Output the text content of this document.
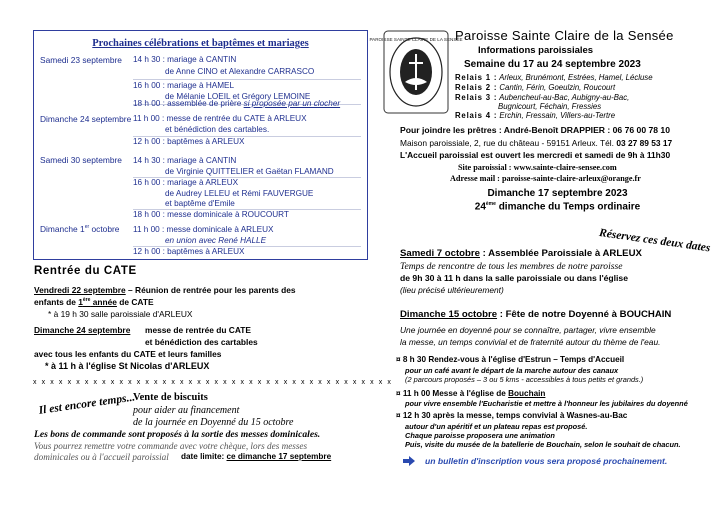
Prochaines célébrations et baptêmes et mariages
Samedi 23 septembre 14 h 30 : mariage à CANTIN
de Anne CINO et Alexandre CARRASCO
16 h 00 : mariage à HAMEL
de Mélanie LOEIL et Grégory LEMOINE
18 h 00 : assemblée de prière si proposée par un clocher
Dimanche 24 septembre 11 h 00 : messe de rentrée du CATE à ARLEUX
et bénédiction des cartables.
12 h 00 : baptêmes à ARLEUX
Samedi 30 septembre 14 h 30 : mariage à CANTIN
de Virginie QUITTELIER et Gaëtan FLAMAND
16 h 00 : mariage à ARLEUX
de Audrey LELEU et Rémi FAUVERGUE
et baptême d'Emile
18 h 00 : messe dominicale à ROUCOURT
Dimanche 1er octobre 11 h 00 : messe dominicale à ARLEUX
en union avec René HALLE
12 h 00 : baptêmes à ARLEUX
Rentrée du CATE
Vendredi 22 septembre – Réunion de rentrée pour les parents des
enfants de 1ère année de CATE
* à 19 h 30 salle paroissiale d'ARLEUX
Dimanche 24 septembre messe de rentrée du CATE
et bénédiction des cartables
avec tous les enfants du CATE et leurs familles
* à 11 h à l'église St Nicolas d'ARLEUX
x x x x x x x x x x x x x x x x x x x x x x x x x x x x x x x x x x x x x x x x x x
Il est encore temps...
Vente de biscuits
pour aider au financement
de la journée en Doyenné du 15 octobre
Les bons de commande sont proposés à la sortie des messes dominicales.
Vous pourrez remettre votre commande avec votre chèque, lors des messes
dominicales ou à l'accueil paroissial date limite: ce dimanche 17 septembre
PAROISSE SAINTE CLAIRE DE LA SENSÉE
Paroisse Sainte Claire de la Sensée
Informations paroissiales
Semaine du 17 au 24 septembre 2023
Relais 1 : Arleux, Brunémont, Estrées, Hamel, Lécluse
Relais 2 : Cantin, Férin, Goeulzin, Roucourt
Relais 3 : Aubencheul-au-Bac, Aubigny-au-Bac,
Bugnicourt, Féchain, Fressies
Relais 4 : Erchin, Fressain, Villers-au-Tertre
Pour joindre les prêtres : André-Benoît DRAPPIER : 06 76 00 78 10
Maison paroissiale, 2, rue du château - 59151 Arleux. Tél. 03 27 89 53 17
L'Accueil paroissial est ouvert les mercredi et samedi de 9h à 11h30
Site paroissial : www.sainte-claire-sensee.com
Adresse mail : paroisse-sainte-claire-arleux@orange.fr
Dimanche 17 septembre 2023
24ème dimanche du Temps ordinaire
Réservez ces deux dates
Samedi 7 octobre : Assemblée Paroissiale à ARLEUX
Temps de rencontre de tous les membres de notre paroisse
de 9h 30 à 11 h dans la salle paroissiale ou dans l'église
(lieu précisé ultérieurement)
Dimanche 15 octobre : Fête de notre Doyenné à BOUCHAIN
Une journée en doyenné pour se connaître, partager, vivre ensemble
la messe, un temps convivial et de fraternité autour du thème de l'eau.
¤ 8 h 30 Rendez-vous à l'église d'Estrun – Temps d'Accueil
pour un café avant le départ de la marche autour des canaux
(2 parcours proposés – 3 ou 5 kms - accessibles à tous petits et grands.)
¤ 11 h 00 Messe à l'église de Bouchain
pour vivre ensemble l'Eucharistie et mettre à l'honneur les jubilaires du doyenné
¤ 12 h 30 après la messe, temps convivial à Wasnes-au-Bac
autour d'un apéritif et un plateau repas est proposé.
Chaque paroisse proposera une animation
Puis, visite du musée de la batellerie de Bouchain, selon le souhait de chacun.
un bulletin d'inscription vous sera proposé prochainement.
